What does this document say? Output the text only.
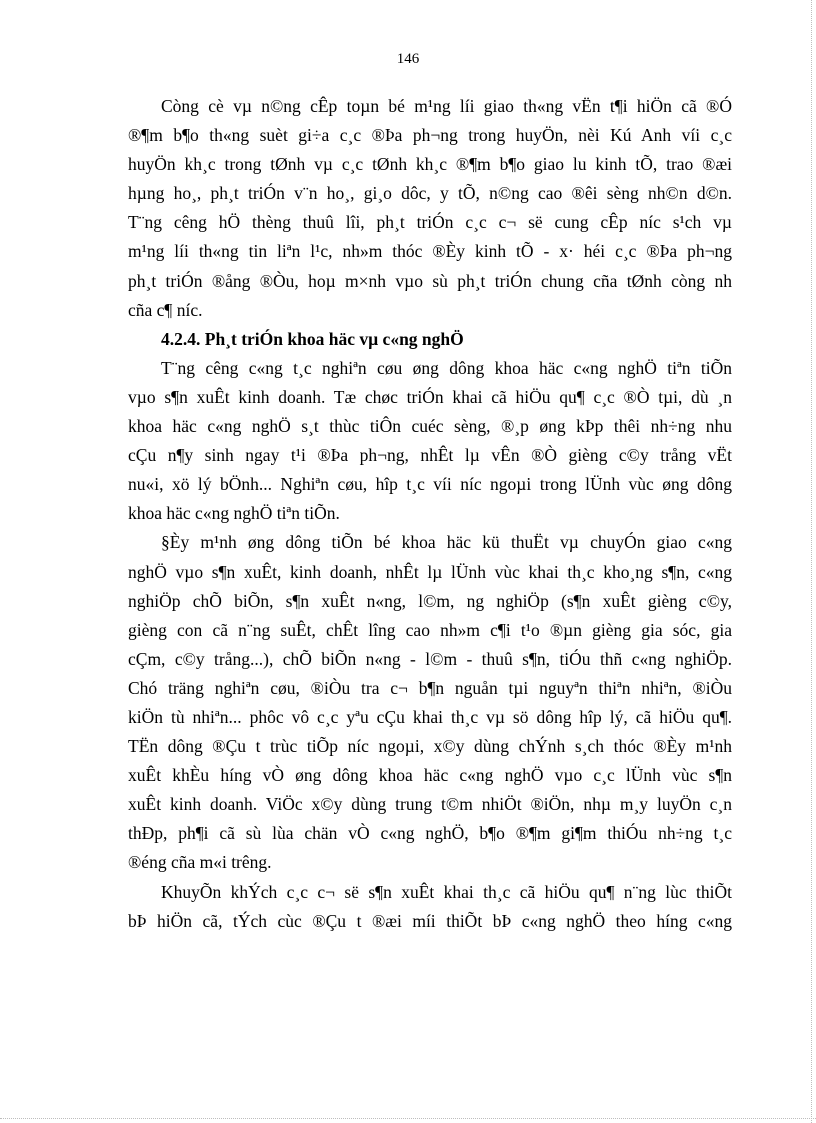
146
Còng cè vµ n©ng cÊp toµn bé m¹ng líi giao th«ng vËn t¶i hiÖn cã ®Ó
®¶m b¶o th«ng suèt gi÷a c¸c ®Þa ph¬ng trong huyÖn, nèi Kú Anh víi c¸c
huyÖn kh¸c trong tØnh vµ c¸c tØnh kh¸c ®¶m b¶o giao lu kinh tÕ, trao ®æi
hµng ho¸, ph¸t triÓn v¨n ho¸, gi¸o dôc, y tÕ, n©ng cao ®êi sèng nh©n d©n.
T¨ng cêng hÖ thèng thuû lîi, ph¸t triÓn c¸c c¬ së cung cÊp níc s¹ch vµ
m¹ng líi th«ng tin liªn l¹c, nh»m thóc ®Èy kinh tÕ - x· héi c¸c ®Þa ph¬ng
ph¸t triÓn ®ång ®Òu, hoµ m×nh vµo sù ph¸t triÓn chung cña tØnh còng nh
cña c¶ níc.
4.2.4. Ph¸t triÓn khoa häc vµ c«ng nghÖ
T¨ng cêng c«ng t¸c nghiªn cøu øng dông khoa häc c«ng nghÖ tiªn tiÕn
vµo s¶n xuÊt kinh doanh. Tæ chøc triÓn khai cã hiÖu qu¶ c¸c ®Ò tµi, dù ¸n
khoa häc c«ng nghÖ s¸t thùc tiÔn cuéc sèng, ®¸p øng kÞp thêi nh÷ng nhu
cÇu n¶y sinh ngay t¹i ®Þa ph¬ng, nhÊt lµ vÊn ®Ò gièng c©y trång vËt
nu«i, xö lý bÖnh... Nghiªn cøu, hîp t¸c víi níc ngoµi trong lÜnh vùc øng dông
khoa häc c«ng nghÖ tiªn tiÕn.
§Èy m¹nh øng dông tiÕn bé khoa häc kü thuËt vµ chuyÓn giao c«ng
nghÖ vµo s¶n xuÊt, kinh doanh, nhÊt lµ lÜnh vùc khai th¸c kho¸ng s¶n, c«ng
nghiÖp chÕ biÕn, s¶n xuÊt n«ng, l©m, ng nghiÖp (s¶n xuÊt gièng c©y,
gièng con cã n¨ng suÊt, chÊt lîng cao nh»m c¶i t¹o ®µn gièng gia sóc, gia
cÇm, c©y trång...), chÕ biÕn n«ng - l©m - thuû s¶n, tiÓu thñ c«ng nghiÖp.
Chó träng nghiªn cøu, ®iÒu tra c¬ b¶n nguån tµi nguyªn thiªn nhiªn, ®iÒu
kiÖn tù nhiªn... phôc vô c¸c yªu cÇu khai th¸c vµ sö dông hîp lý, cã hiÖu qu¶.
TËn dông ®Çu t trùc tiÕp níc ngoµi, x©y dùng chÝnh s¸ch thóc ®Èy m¹nh
xuÊt khÈu híng vÒ øng dông khoa häc c«ng nghÖ vµo c¸c lÜnh vùc s¶n
xuÊt kinh doanh. ViÖc x©y dùng trung t©m nhiÖt ®iÖn, nhµ m¸y luyÖn c¸n
thÐp, ph¶i cã sù lùa chän vÒ c«ng nghÖ, b¶o ®¶m gi¶m thiÓu nh÷ng t¸c
®éng cña m«i trêng.
KhuyÕn khÝch c¸c c¬ së s¶n xuÊt khai th¸c cã hiÖu qu¶ n¨ng lùc thiÕt
bÞ hiÖn cã, tÝch cùc ®Çu t ®æi míi thiÕt bÞ c«ng nghÖ theo híng c«ng
